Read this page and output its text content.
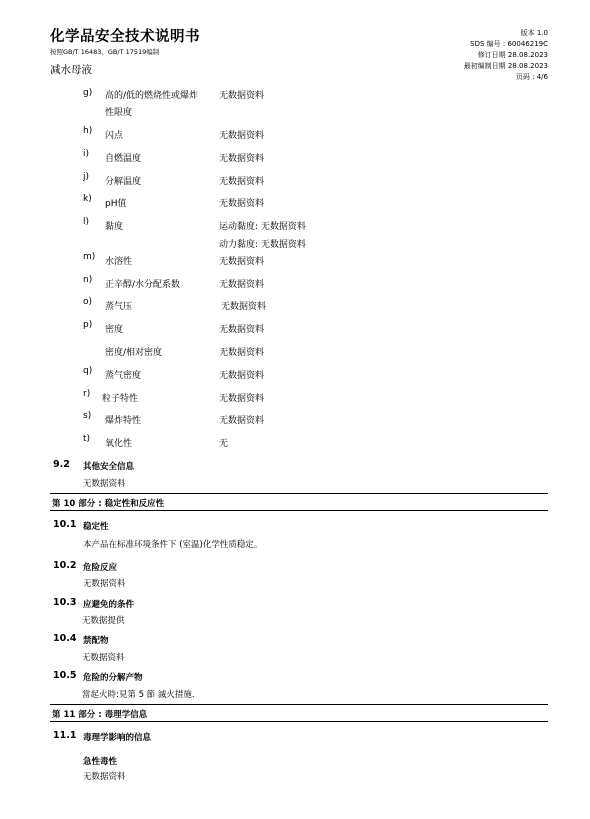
化学品安全技术说明书
按照GB/T 16483、GB/T 17519编制
减水母液
版本 1.0
SDS 编号 : 60046219C
修订日期 28.08.2023
最初编制日期 28.08.2023
页码 : 4/6
g) 高的/低的燃烧性或爆炸
性限度
无数据资料
h) 闪点	无数据资料
i) 自燃温度	无数据资料
j) 分解温度	无数据资料
k) pH值	无数据资料
l) 黏度	运动黏度: 无数据资料
动力黏度: 无数据资料
m) 水溶性	无数据资料
n) 正辛醇/水分配系数	无数据资料
o) 蒸气压	无数据资料
p) 密度	无数据资料
密度/相对密度	无数据资料
q) 蒸气密度	无数据资料
r) 粒子特性	无数据资料
s) 爆炸特性	无数据资料
t) 氧化性	无
9.2 其他安全信息
无数据资料
第 10 部分 : 稳定性和反应性
10.1 稳定性
本产品在标准环境条件下 (室温)化学性质稳定。
10.2 危险反应
无数据资料
10.3 应避免的条件
无数据提供
10.4 禁配物
无数据资料
10.5 危险的分解产物
當起火時:見第 5 節 滅火措施.
第 11 部分 : 毒理学信息
11.1 毒理学影响的信息
急性毒性
无数据资料
